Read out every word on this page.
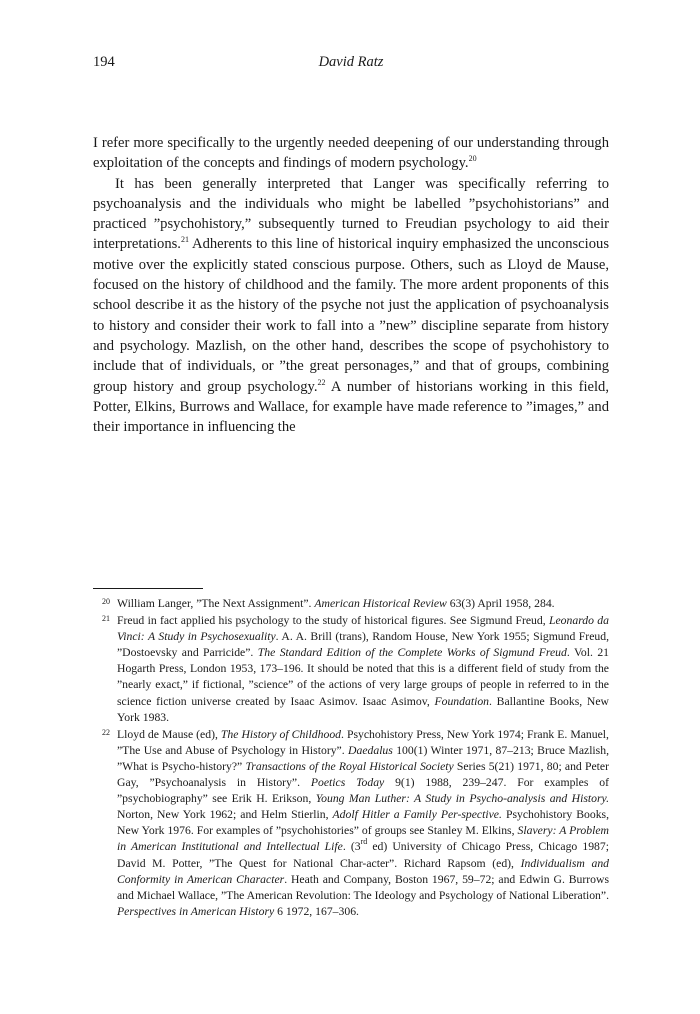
194	David Ratz

I refer more specifically to the urgently needed deepening of our understanding through exploitation of the concepts and findings of modern psychology.$^{20}$

It has been generally interpreted that Langer was specifically referring to psychoanalysis and the individuals who might be labelled ”psychohistorians” and practiced ”psychohistory,” subsequently turned to Freudian psychology to aid their interpretations.$^{21}$ Adherents to this line of historical inquiry emphasized the unconscious motive over the explicitly stated conscious purpose. Others, such as Lloyd de Mause, focused on the history of childhood and the family. The more ardent proponents of this school describe it as the history of the psyche not just the application of psychoanalysis to history and consider their work to fall into a ”new” discipline separate from history and psychology. Mazlish, on the other hand, describes the scope of psychohistory to include that of individuals, or ”the great personages,” and that of groups, combining group history and group psychology.$^{22}$ A number of historians working in this field, Potter, Elkins, Burrows and Wallace, for example have made reference to ”images,” and their importance in influencing the

20 William Langer, ”The Next Assignment”. American Historical Review 63(3) April 1958, 284.
21 Freud in fact applied his psychology to the study of historical figures. See Sigmund Freud, Leonardo da Vinci: A Study in Psychosexuality. A. A. Brill (trans), Random House, New York 1955; Sigmund Freud, ”Dostoevsky and Parricide”. The Standard Edition of the Complete Works of Sigmund Freud. Vol. 21 Hogarth Press, London 1953, 173–196. It should be noted that this is a different field of study from the ”nearly exact,” if fictional, ”science” of the actions of very large groups of people in referred to in the science fiction universe created by Isaac Asimov. Isaac Asimov, Foundation. Ballantine Books, New York 1983.
22 Lloyd de Mause (ed), The History of Childhood. Psychohistory Press, New York 1974; Frank E. Manuel, ”The Use and Abuse of Psychology in History”. Daedalus 100(1) Winter 1971, 87–213; Bruce Mazlish, ”What is Psycho-history?” Transactions of the Royal Historical Society Series 5(21) 1971, 80; and Peter Gay, ”Psychoanalysis in History”. Poetics Today 9(1) 1988, 239–247. For examples of ”psychobiography” see Erik H. Erikson, Young Man Luther: A Study in Psycho-analysis and History. Norton, New York 1962; and Helm Stierlin, Adolf Hitler a Family Per-spective. Psychohistory Books, New York 1976. For examples of ”psychohistories” of groups see Stanley M. Elkins, Slavery: A Problem in American Institutional and Intellectual Life. (3rd ed) University of Chicago Press, Chicago 1987; David M. Potter, ”The Quest for National Char-acter”. Richard Rapsom (ed), Individualism and Conformity in American Character. Heath and Company, Boston 1967, 59–72; and Edwin G. Burrows and Michael Wallace, ”The American Revolution: The Ideology and Psychology of National Liberation”. Perspectives in American History 6 1972, 167–306.
